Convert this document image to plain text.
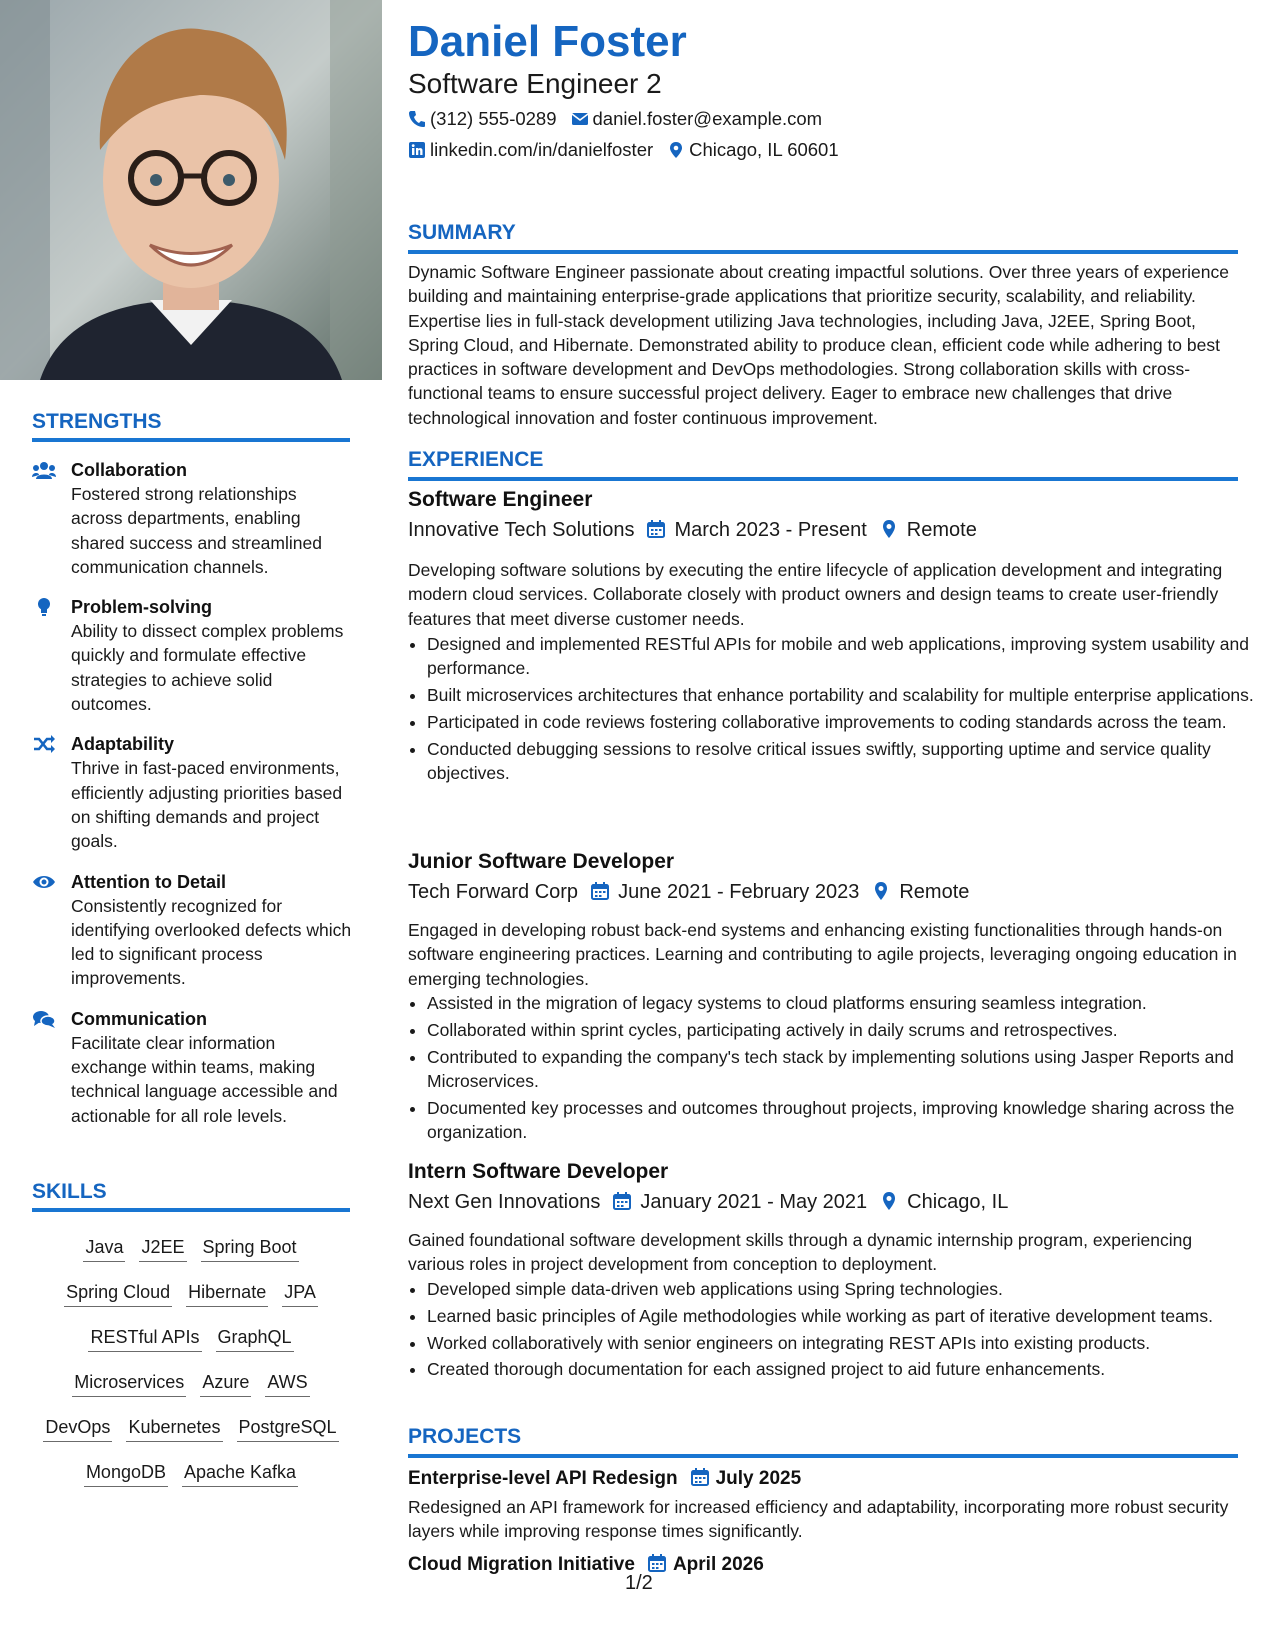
STRENGTHS
Collaboration
Fostered strong relationships across departments, enabling shared success and streamlined communication channels.
Problem-solving
Ability to dissect complex problems quickly and formulate effective strategies to achieve solid outcomes.
Adaptability
Thrive in fast-paced environments, efficiently adjusting priorities based on shifting demands and project goals.
Attention to Detail
Consistently recognized for identifying overlooked defects which led to significant process improvements.
Communication
Facilitate clear information exchange within teams, making technical language accessible and actionable for all role levels.
SKILLS
Java J2EE Spring Boot
Spring Cloud Hibernate JPA
RESTful APIs GraphQL
Microservices Azure AWS
DevOps Kubernetes PostgreSQL
MongoDB Apache Kafka
Daniel Foster
Software Engineer 2
(312) 555-0289 daniel.foster@example.com
linkedin.com/in/danielfoster Chicago, IL 60601
SUMMARY
Dynamic Software Engineer passionate about creating impactful solutions. Over three years of experience building and maintaining enterprise-grade applications that prioritize security, scalability, and reliability. Expertise lies in full-stack development utilizing Java technologies, including Java, J2EE, Spring Boot, Spring Cloud, and Hibernate. Demonstrated ability to produce clean, efficient code while adhering to best practices in software development and DevOps methodologies. Strong collaboration skills with cross-functional teams to ensure successful project delivery. Eager to embrace new challenges that drive technological innovation and foster continuous improvement.
EXPERIENCE
Software Engineer
Innovative Tech Solutions March 2023 - Present Remote
Developing software solutions by executing the entire lifecycle of application development and integrating modern cloud services. Collaborate closely with product owners and design teams to create user-friendly features that meet diverse customer needs.
• Designed and implemented RESTful APIs for mobile and web applications, improving system usability and performance.
• Built microservices architectures that enhance portability and scalability for multiple enterprise applications.
• Participated in code reviews fostering collaborative improvements to coding standards across the team.
• Conducted debugging sessions to resolve critical issues swiftly, supporting uptime and service quality objectives.
Junior Software Developer
Tech Forward Corp June 2021 - February 2023 Remote
Engaged in developing robust back-end systems and enhancing existing functionalities through hands-on software engineering practices. Learning and contributing to agile projects, leveraging ongoing education in emerging technologies.
• Assisted in the migration of legacy systems to cloud platforms ensuring seamless integration.
• Collaborated within sprint cycles, participating actively in daily scrums and retrospectives.
• Contributed to expanding the company's tech stack by implementing solutions using Jasper Reports and Microservices.
• Documented key processes and outcomes throughout projects, improving knowledge sharing across the organization.
Intern Software Developer
Next Gen Innovations January 2021 - May 2021 Chicago, IL
Gained foundational software development skills through a dynamic internship program, experiencing various roles in project development from conception to deployment.
• Developed simple data-driven web applications using Spring technologies.
• Learned basic principles of Agile methodologies while working as part of iterative development teams.
• Worked collaboratively with senior engineers on integrating REST APIs into existing products.
• Created thorough documentation for each assigned project to aid future enhancements.
PROJECTS
Enterprise-level API Redesign July 2025
Redesigned an API framework for increased efficiency and adaptability, incorporating more robust security layers while improving response times significantly.
Cloud Migration Initiative April 2026
1/2
